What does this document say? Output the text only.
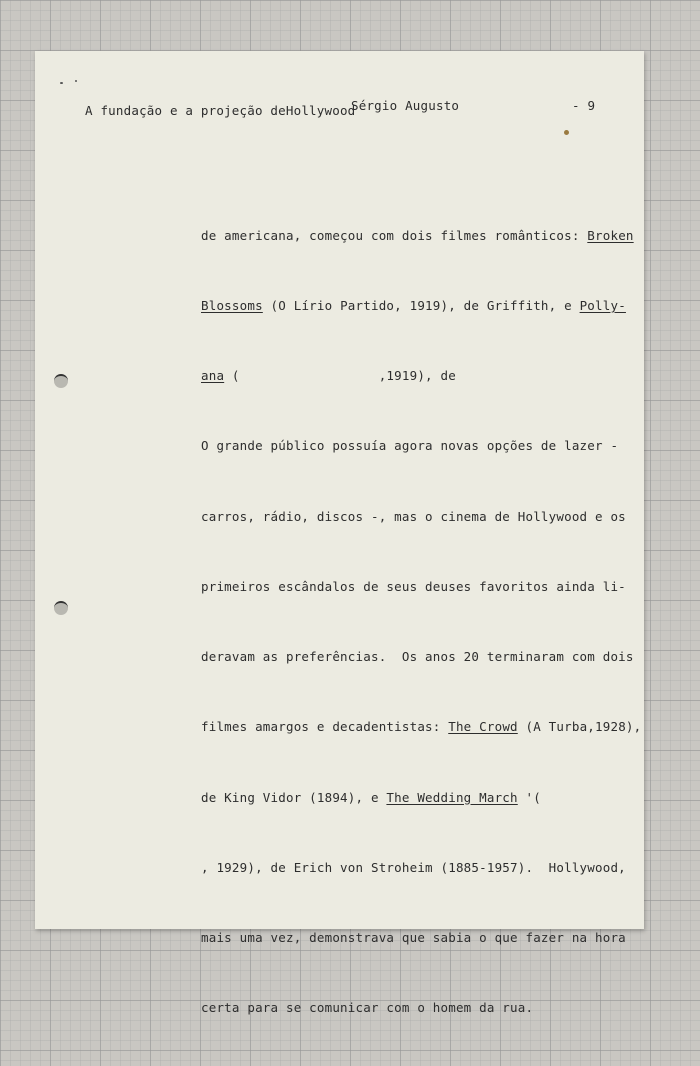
A fundação e a projeção deHollywood
Sérgio Augusto	- 9

de americana, começou com dois filmes românticos: Broken

Blossoms (O Lírio Partido, 1919), de Griffith, e Polly-

ana (                  ,1919), de

O grande público possuía agora novas opções de lazer -

carros, rádio, discos -, mas o cinema de Hollywood e os

primeiros escândalos de seus deuses favoritos ainda li-

deravam as preferências.  Os anos 20 terminaram com dois

filmes amargos e decadentistas: The Crowd (A Turba,1928),

de King Vidor (1894), e The Wedding March '(

, 1929), de Erich von Stroheim (1885-1957).  Hollywood,

mais uma vez, demonstrava que sabia o que fazer na hora

certa para se comunicar com o homem da rua.
